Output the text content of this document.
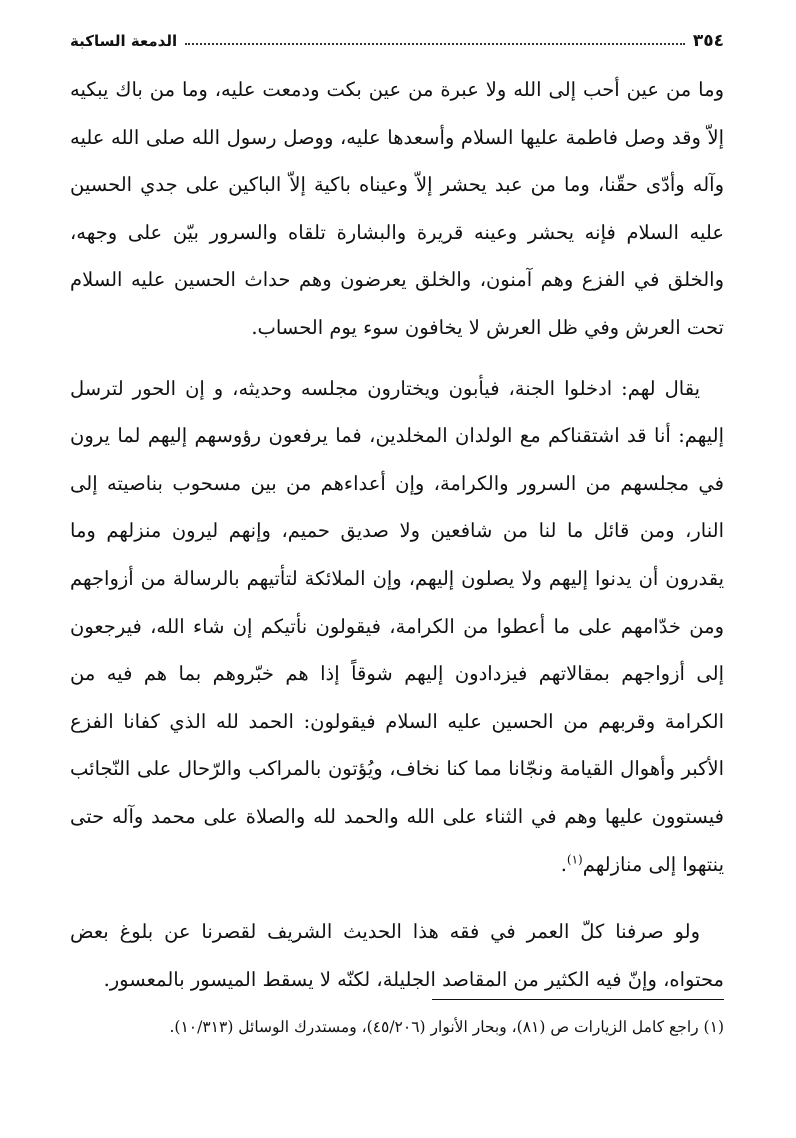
٣٥٤
الدمعة الساكبة

وما من عين أحب إلى الله ولا عبرة من عين بكت ودمعت عليه، وما من باك يبكيه إلاّ وقد وصل فاطمة عليها السلام وأسعدها عليه، ووصل رسول الله صلى الله عليه وآله وأدّى حقّنا، وما من عبد يحشر إلاّ وعيناه باكية إلاّ الباكين على جدي الحسين عليه السلام فإنه يحشر وعينه قريرة والبشارة تلقاه والسرور بيّن على وجهه، والخلق في الفزع وهم آمنون، والخلق يعرضون وهم حداث الحسين عليه السلام تحت العرش وفي ظل العرش لا يخافون سوء يوم الحساب.

يقال لهم: ادخلوا الجنة، فيأبون ويختارون مجلسه وحديثه، و إن الحور لترسل إليهم: أنا قد اشتقناكم مع الولدان المخلدين، فما يرفعون رؤوسهم إليهم لما يرون في مجلسهم من السرور والكرامة، وإن أعداءهم من بين مسحوب بناصيته إلى النار، ومن قائل ما لنا من شافعين ولا صديق حميم، وإنهم ليرون منزلهم وما يقدرون أن يدنوا إليهم ولا يصلون إليهم، وإن الملائكة لتأتيهم بالرسالة من أزواجهم ومن خدّامهم على ما أعطوا من الكرامة، فيقولون نأتيكم إن شاء الله، فيرجعون إلى أزواجهم بمقالاتهم فيزدادون إليهم شوقاً إذا هم خبّروهم بما هم فيه من الكرامة وقربهم من الحسين عليه السلام فيقولون: الحمد لله الذي كفانا الفزع الأكبر وأهوال القيامة ونجّانا مما كنا نخاف، ويُؤتون بالمراكب والرّحال على النّجائب فيستوون عليها وهم في الثناء على الله والحمد لله والصلاة على محمد وآله حتى ينتهوا إلى منازلهم$^{(١)}$.

ولو صرفنا كلّ العمر في فقه هذا الحديث الشريف لقصرنا عن بلوغ بعض محتواه، وإنّ فيه الكثير من المقاصد الجليلة، لكنّه لا يسقط الميسور بالمعسور.

(١) راجع كامل الزيارات ص (٨١)، وبحار الأنوار (٤٥/٢٠٦)، ومستدرك الوسائل (١٠/٣١٣).
